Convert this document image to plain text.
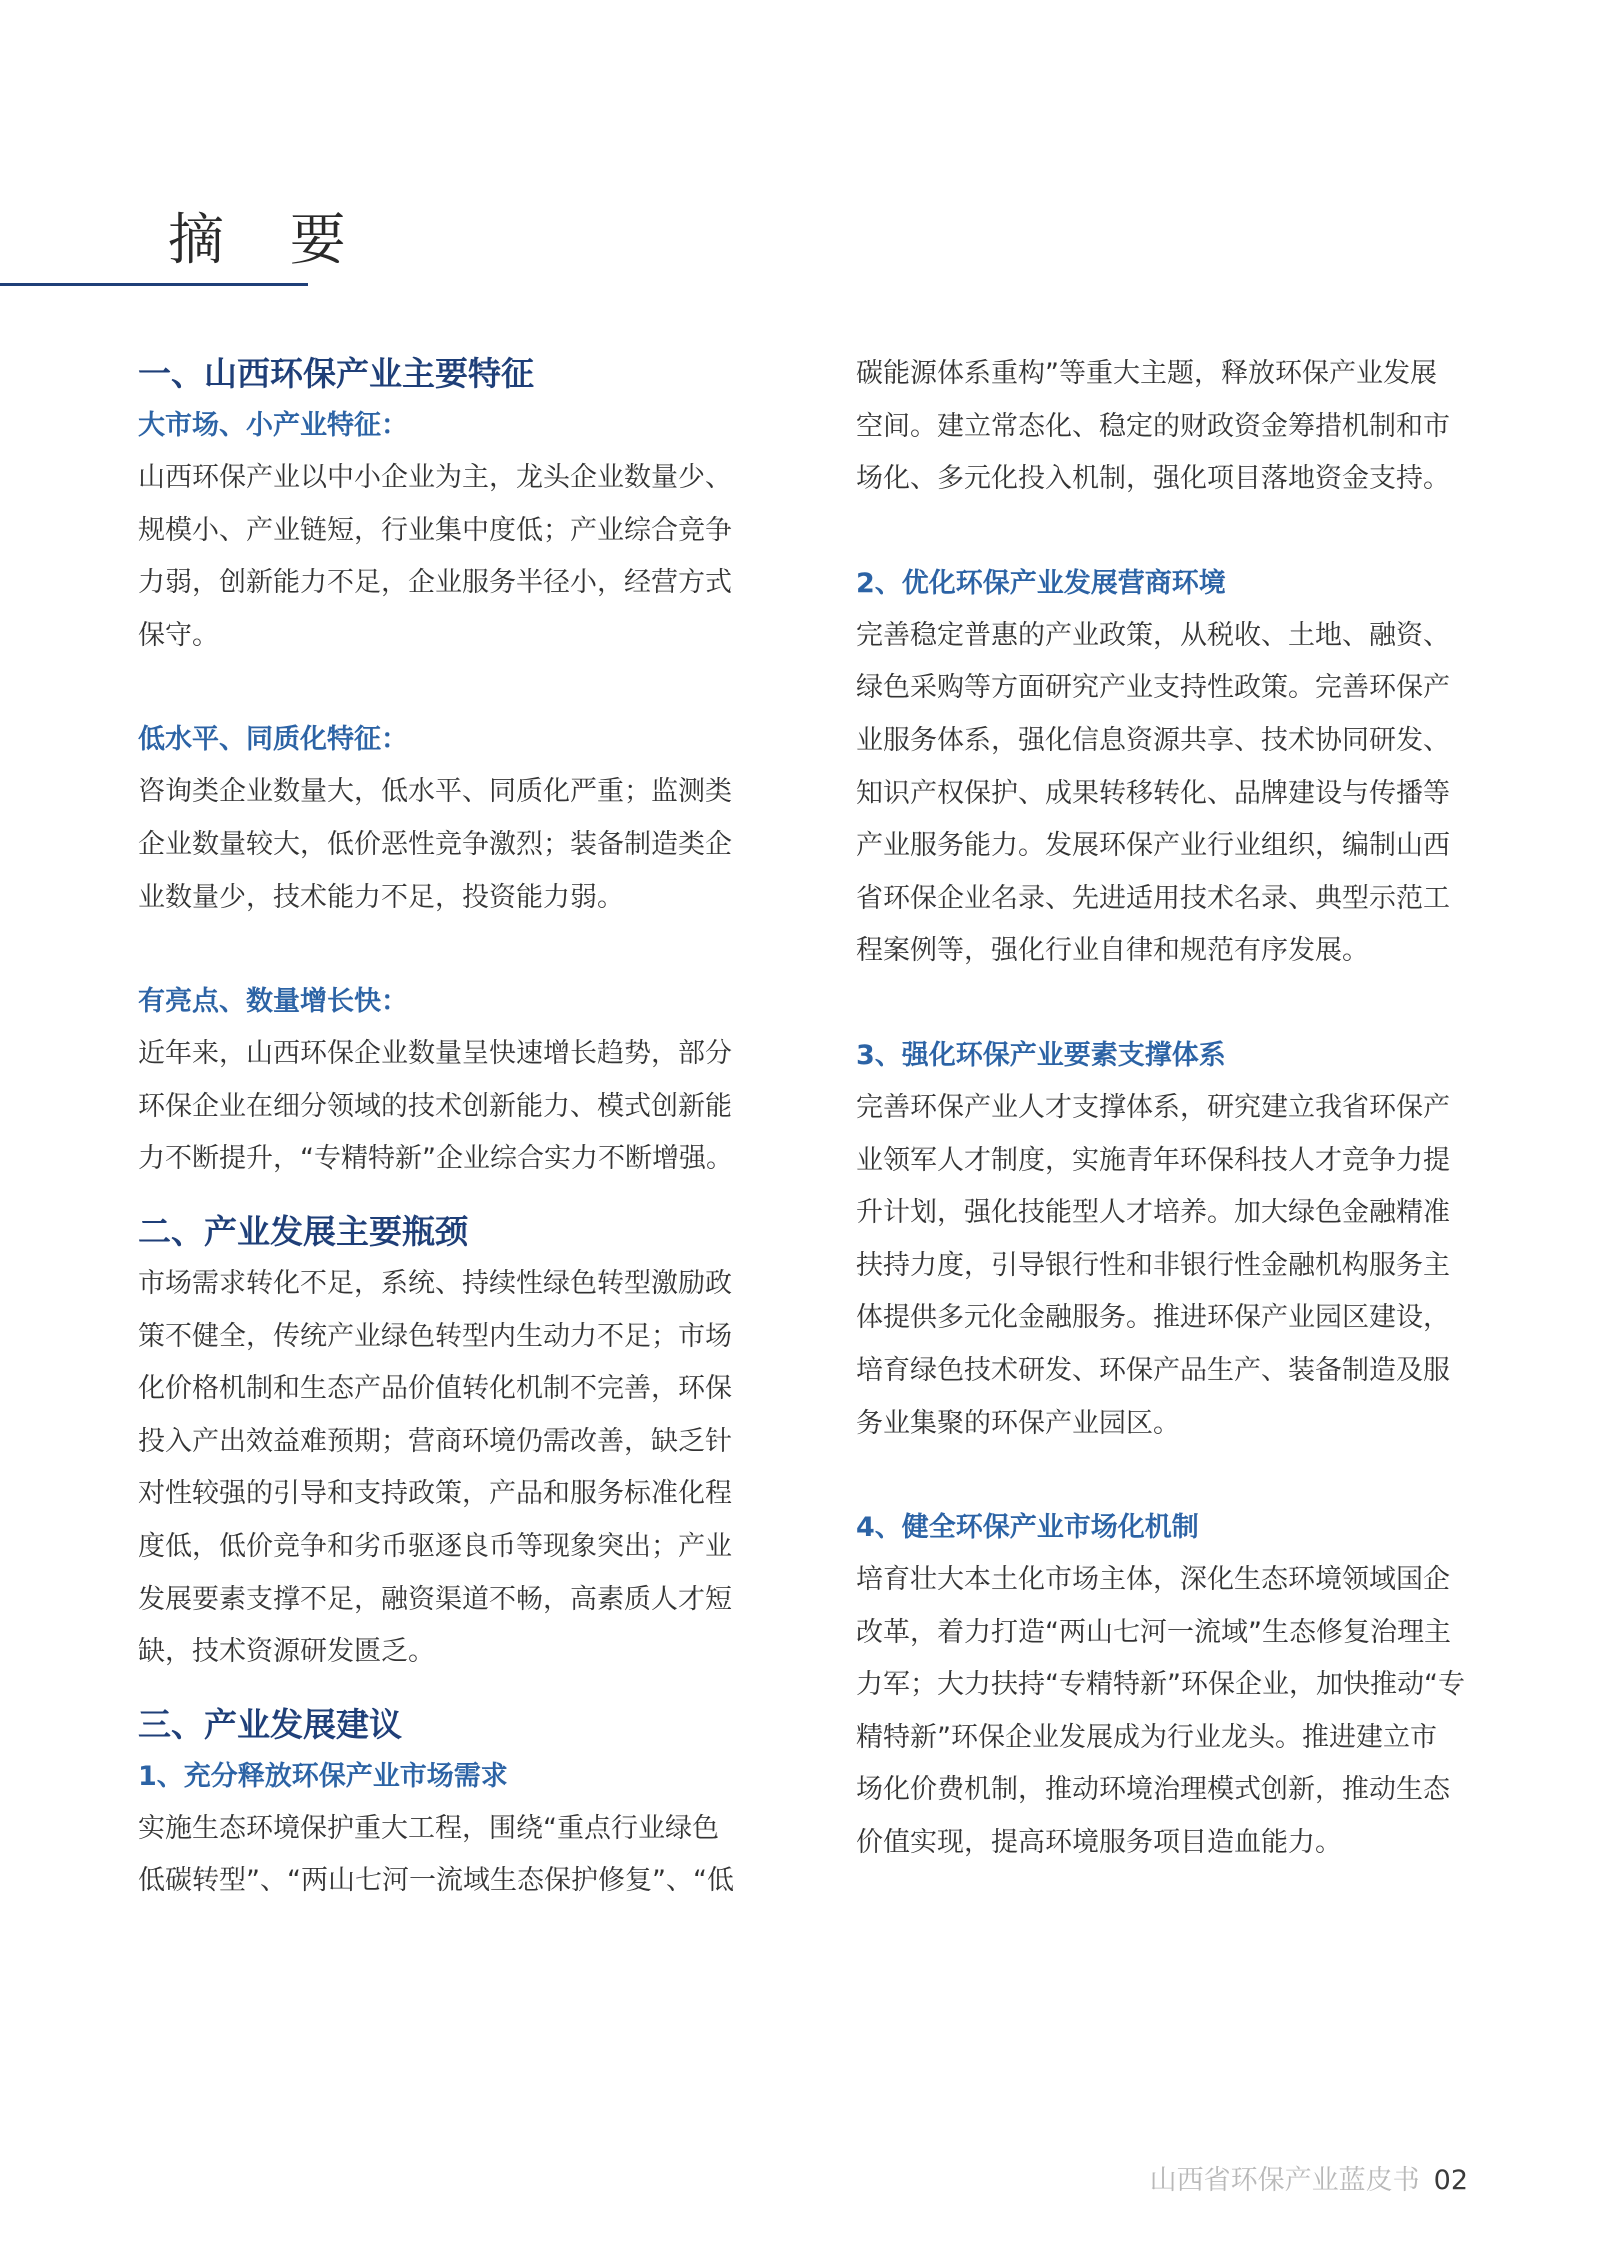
摘 要
一、山西环保产业主要特征
大市场、小产业特征：

山西环保产业以中小企业为主，龙头企业数量少、
规模小、产业链短，行业集中度低；产业综合竞争
力弱，创新能力不足，企业服务半径小，经营方式
保守。

低水平、同质化特征：

咨询类企业数量大，低水平、同质化严重；监测类
企业数量较大，低价恶性竞争激烈；装备制造类企
业数量少，技术能力不足，投资能力弱。

有亮点、数量增长快：

近年来，山西环保企业数量呈快速增长趋势，部分
环保企业在细分领域的技术创新能力、模式创新能
力不断提升，“专精特新”企业综合实力不断增强。

二、产业发展主要瓶颈

市场需求转化不足，系统、持续性绿色转型激励政
策不健全，传统产业绿色转型内生动力不足；市场
化价格机制和生态产品价值转化机制不完善，环保
投入产出效益难预期；营商环境仍需改善，缺乏针
对性较强的引导和支持政策，产品和服务标准化程
度低，低价竞争和劣币驱逐良币等现象突出；产业
发展要素支撑不足，融资渠道不畅，高素质人才短
缺，技术资源研发匮乏。

三、产业发展建议
1、充分释放环保产业市场需求

实施生态环境保护重大工程，围绕“重点行业绿色
低碳转型”、“两山七河一流域生态保护修复”、“低

碳能源体系重构”等重大主题，释放环保产业发展
空间。建立常态化、稳定的财政资金筹措机制和市
场化、多元化投入机制，强化项目落地资金支持。

2、优化环保产业发展营商环境

完善稳定普惠的产业政策，从税收、土地、融资、
绿色采购等方面研究产业支持性政策。完善环保产
业服务体系，强化信息资源共享、技术协同研发、
知识产权保护、成果转移转化、品牌建设与传播等
产业服务能力。发展环保产业行业组织，编制山西
省环保企业名录、先进适用技术名录、典型示范工
程案例等，强化行业自律和规范有序发展。

3、强化环保产业要素支撑体系

完善环保产业人才支撑体系，研究建立我省环保产
业领军人才制度，实施青年环保科技人才竞争力提
升计划，强化技能型人才培养。加大绿色金融精准
扶持力度，引导银行性和非银行性金融机构服务主
体提供多元化金融服务。推进环保产业园区建设，
培育绿色技术研发、环保产品生产、装备制造及服
务业集聚的环保产业园区。

4、健全环保产业市场化机制

培育壮大本土化市场主体，深化生态环境领域国企
改革，着力打造“两山七河一流域”生态修复治理主
力军；大力扶持“专精特新”环保企业，加快推动“专
精特新”环保企业发展成为行业龙头。推进建立市
场化价费机制，推动环境治理模式创新，推动生态
价值实现，提高环境服务项目造血能力。

山西省环保产业蓝皮书 02
